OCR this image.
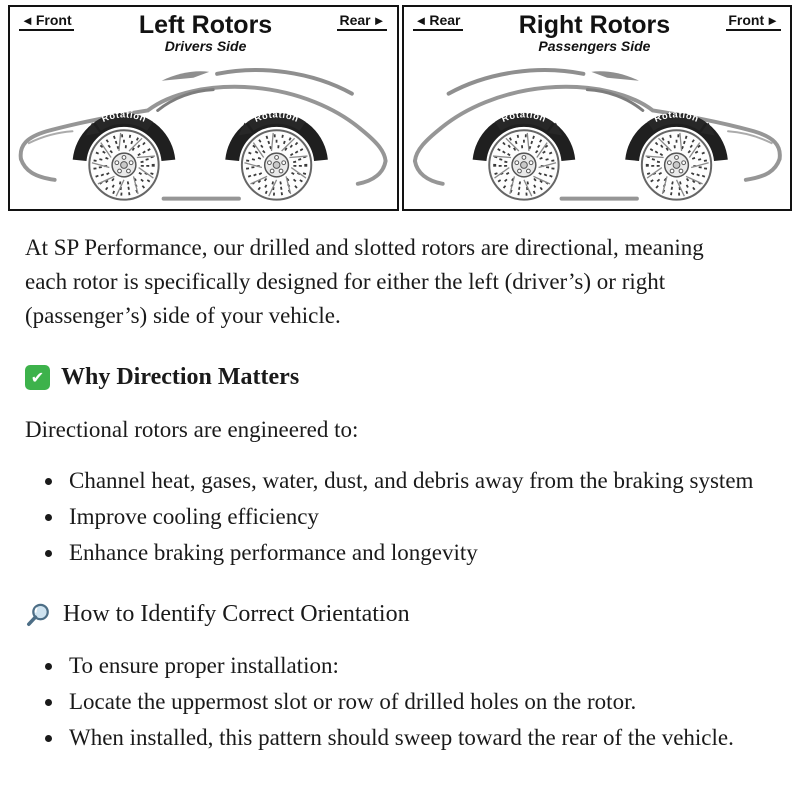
◄ Front	Left Rotors
Drivers Side
Rear ►
Rotation	Rotation
◄ Rear Right Rotors
Passengers Side
Front ►
Rotation
Rotation

At SP Performance, our drilled and slotted rotors are directional, meaning each rotor is specifically designed for either the left (driver’s) or right (passenger’s) side of your vehicle.

✔ Why Direction Matters

Directional rotors are engineered to:

• Channel heat, gases, water, dust, and debris away from the braking system
• Improve cooling efficiency
• Enhance braking performance and longevity
How to Identify Correct Orientation
• To ensure proper installation:
• Locate the uppermost slot or row of drilled holes on the rotor.
• When installed, this pattern should sweep toward the rear of the vehicle.
